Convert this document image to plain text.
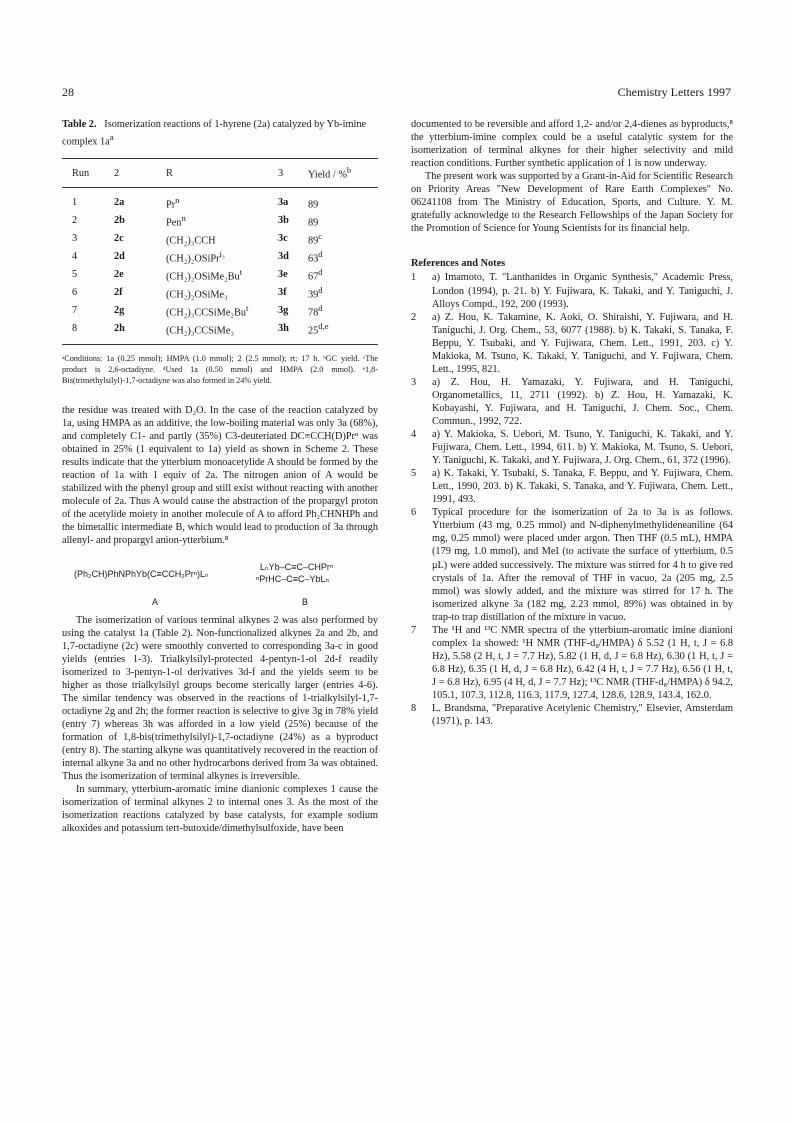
28	Chemistry Letters 1997

Table 2. Isomerization reactions of 1-hyrene (2a) catalyzed by Yb-imine complex $1a^a$

Run	2	R	3	Yield / %$^b$
1	2a	Pr$^n$	3a	89
2	2b	Pen$^n$	3b	89
3	2c	(CH₂)₃CCH	3c	89$^c$
4	2d	(CH₂)₂OSiPr$^{i_3}$	3d	63$^d$
5	2e	(CH₂)₂OSiMe₂Bu$^t$	3e	67$^d$
6	2f	(CH₂)₂OSiMe₃	3f	39$^d$
7	2g	(CH₂)₃CCSiMe₂Bu$^t$	3g	78$^d$
8	2h	(CH₂)₃CCSiMe₃	3h	25$^{d,e}$

ᵃConditions: 1a (0.25 mmol); HMPA (1.0 mmol); 2 (2.5 mmol); rt; 17 h. ᵇGC yield. ᶜThe product is 2,6-octadiyne. ᵈUsed 1a (0.50 mmol) and HMPA (2.0 mmol). ᵉ1,8-Bis(trimethylsilyl)-1,7-octadiyne was also formed in 24% yield.

the residue was treated with D₂O. In the case of the reaction catalyzed by 1a, using HMPA as an additive, the low-boiling material was only 3a (68%), and completely C1- and partly (35%) C3-deuteriated DC≡CCH(D)Prⁿ was obtained in 25% (1 equivalent to 1a) yield as shown in Scheme 2. These results indicate that the ytterbium monoacetylide A should be formed by the reaction of 1a with 1 equiv of 2a. The nitrogen anion of A would be stabilized with the phenyl group and still exist without reacting with another molecule of 2a. Thus A would cause the abstraction of the propargyl proton of the acetylide moiety in another molecule of A to afford Ph₂CHNHPh and the bimetallic intermediate B, which would lead to production of 3a through allenyl- and propargyl anion-ytterbium.⁸

(Ph₂CH)PhNPhYb(C≡CCH₂Prⁿ)Lₙ
LₙYb–C≡C–CHPrⁿ
ⁿPrHC–C≡C–YbLₙ
A	B

The isomerization of various terminal alkynes 2 was also performed by using the catalyst 1a (Table 2). Non-functionalized alkynes 2a and 2b, and 1,7-octadiyne (2c) were smoothly converted to corresponding 3a-c in good yields (entries 1-3). Trialkylsilyl-protected 4-pentyn-1-ol 2d-f readily isomerized to 3-pentyn-1-ol derivatives 3d-f and the yields seem to be higher as those trialkylsilyl groups become sterically larger (entries 4-6). The similar tendency was observed in the reactions of 1-trialkylsilyl-1,7-octadiyne 2g and 2h; the former reaction is selective to give 3g in 78% yield (entry 7) whereas 3h was afforded in a low yield (25%) because of the formation of 1,8-bis(trimethylsilyl)-1,7-octadiyne (24%) as a byproduct (entry 8). The starting alkyne was quantitatively recovered in the reaction of internal alkyne 3a and no other hydrocarbons derived from 3a was obtained. Thus the isomerization of terminal alkynes is irreversible.

In summary, ytterbium-aromatic imine dianionic complexes 1 cause the isomerization of terminal alkynes 2 to internal ones 3. As the most of the isomerization reactions catalyzed by base catalysts, for example sodium alkoxides and potassium tert-butoxide/dimethylsulfoxide, have been

documented to be reversible and afford 1,2- and/or 2,4-dienes as byproducts,⁸ the ytterbium-imine complex could be a useful catalytic system for the isomerization of terminal alkynes for their higher selectivity and mild reaction conditions. Further synthetic application of 1 is now underway.

The present work was supported by a Grant-in-Aid for Scientific Research on Priority Areas "New Development of Rare Earth Complexes" No. 06241108 from The Ministry of Education, Sports, and Culture. Y. M. gratefully acknowledge to the Research Fellowships of the Japan Society for the Promotion of Science for Young Scientists for its financial help.

References and Notes
1 a) Imamoto, T. "Lanthanides in Organic Synthesis," Academic Press, London (1994), p. 21. b) Y. Fujiwara, K. Takaki, and Y. Taniguchi, J. Alloys Compd., 192, 200 (1993).
2 a) Z. Hou, K. Takamine, K. Aoki, O. Shiraishi, Y. Fujiwara, and H. Taniguchi, J. Org. Chem., 53, 6077 (1988). b) K. Takaki, S. Tanaka, F. Beppu, Y. Tsubaki, and Y. Fujiwara, Chem. Lett., 1991, 203. c) Y. Makioka, M. Tsuno, K. Takaki, Y. Taniguchi, and Y. Fujiwara, Chem. Lett., 1995, 821.
3 a) Z. Hou, H. Yamazaki, Y. Fujiwara, and H. Taniguchi, Organometallics, 11, 2711 (1992). b) Z. Hou, H. Yamazaki, K. Kobayashi, Y. Fujiwara, and H. Taniguchi, J. Chem. Soc., Chem. Commun., 1992, 722.
4 a) Y. Makioka, S. Uebori, M. Tsuno, Y. Taniguchi, K. Takaki, and Y. Fujiwara, Chem. Lett., 1994, 611. b) Y. Makioka, M. Tsuno, S. Uebori, Y. Taniguchi, K. Takaki, and Y. Fujiwara, J. Org. Chem., 61, 372 (1996).
5 a) K. Takaki, Y. Tsubaki, S. Tanaka, F. Beppu, and Y. Fujiwara, Chem. Lett., 1990, 203. b) K. Takaki, S. Tanaka, and Y. Fujiwara, Chem. Lett., 1991, 493.
6 Typical procedure for the isomerization of 2a to 3a is as follows. Ytterbium (43 mg, 0.25 mmol) and N-diphenylmethylideneaniline (64 mg, 0.25 mmol) were placed under argon. Then THF (0.5 mL), HMPA (179 mg, 1.0 mmol), and MeI (to activate the surface of ytterbium, 0.5 μL) were added successively. The mixture was stirred for 4 h to give red crystals of 1a. After the removal of THF in vacuo, 2a (205 mg, 2.5 mmol) was slowly added, and the mixture was stirred for 17 h. The isomerized alkyne 3a (182 mg, 2.23 mmol, 89%) was obtained in by trap-to trap distillation of the mixture in vacuo.
7 The ¹H and ¹³C NMR spectra of the ytterbium-aromatic imine dianioni complex 1a showed: ¹H NMR (THF-d₈/HMPA) δ 5.52 (1 H, t, J = 6.8 Hz), 5.58 (2 H, t, J = 7.7 Hz), 5.82 (1 H, d, J = 6.8 Hz), 6.30 (1 H, t, J = 6.8 Hz), 6.35 (1 H, d, J = 6.8 Hz), 6.42 (4 H, t, J = 7.7 Hz), 6.56 (1 H, t, J = 6.8 Hz), 6.95 (4 H, d, J = 7.7 Hz); ¹³C NMR (THF-d₈/HMPA) δ 94.2, 105.1, 107.3, 112.8, 116.3, 117.9, 127.4, 128.6, 128.9, 143.4, 162.0.
8 L. Brandsma, "Preparative Acetylenic Chemistry," Elsevier, Amsterdam (1971), p. 143.
